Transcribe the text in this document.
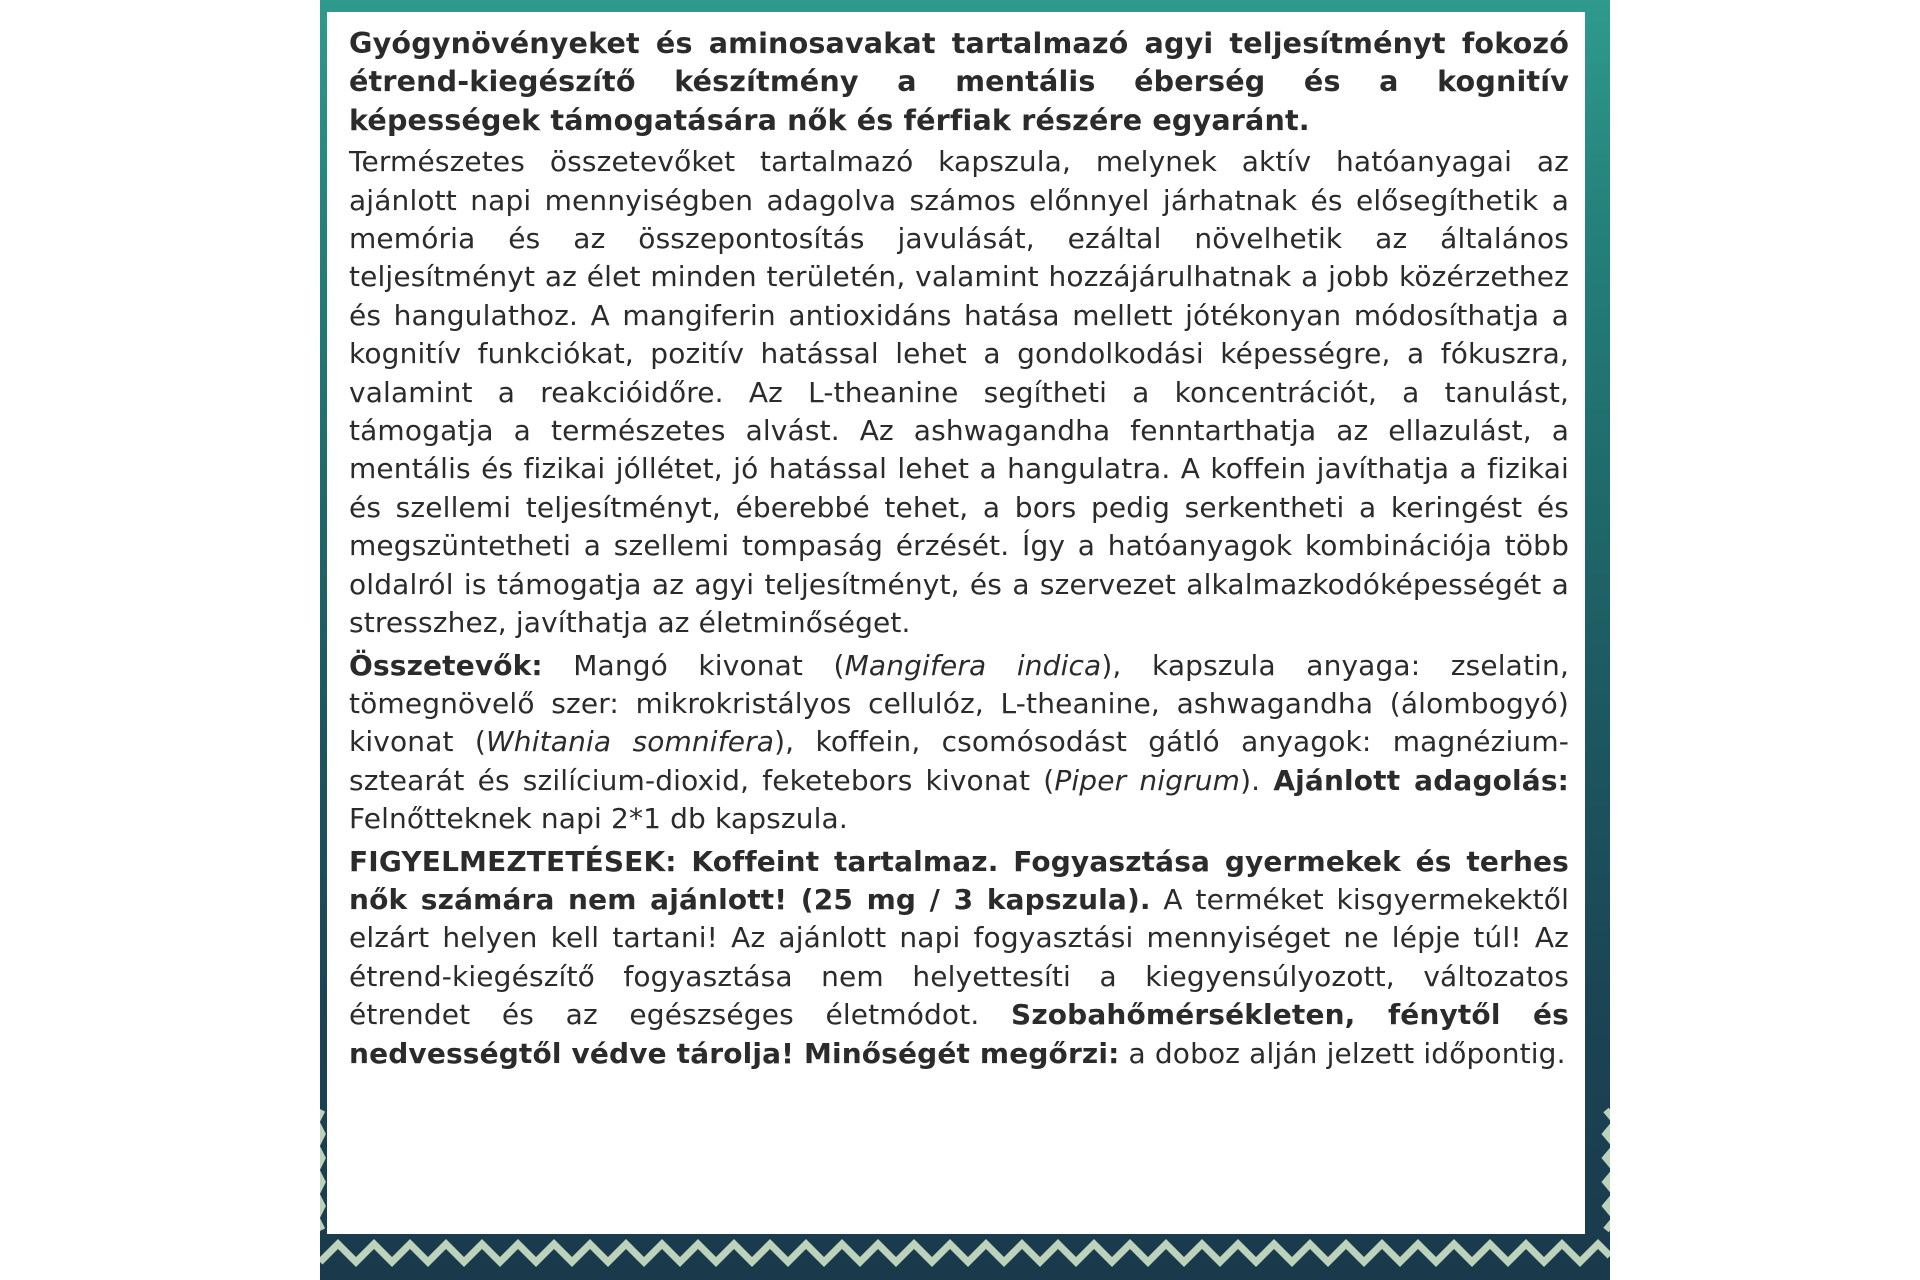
Gyógynövényeket és aminosavakat tartalmazó agyi teljesítményt fokozó étrend-kiegészítő készítmény a mentális éberség és a kognitív képességek támogatására nők és férfiak részére egyaránt.

Természetes összetevőket tartalmazó kapszula, melynek aktív hatóanyagai az ajánlott napi mennyiségben adagolva számos előnnyel járhatnak és elősegíthetik a memória és az összepontosítás javulását, ezáltal növelhetik az általános teljesítményt az élet minden területén, valamint hozzájárulhatnak a jobb közérzethez és hangulathoz. A mangiferin antioxidáns hatása mellett jótékonyan módosíthatja a kognitív funkciókat, pozitív hatással lehet a gondolkodási képességre, a fókuszra, valamint a reakcióidőre. Az L-theanine segítheti a koncentrációt, a tanulást, támogatja a természetes alvást. Az ashwagandha fenntarthatja az ellazulást, a mentális és fizikai jóllétet, jó hatással lehet a hangulatra. A koffein javíthatja a fizikai és szellemi teljesítményt, éberebbé tehet, a bors pedig serkentheti a keringést és megszüntetheti a szellemi tompaság érzését. Így a hatóanyagok kombinációja több oldalról is támogatja az agyi teljesítményt, és a szervezet alkalmazkodóképességét a stresszhez, javíthatja az életminőséget.

Összetevők: Mangó kivonat (Mangifera indica), kapszula anyaga: zselatin, tömegnövelő szer: mikrokristályos cellulóz, L-theanine, ashwagandha (álombogyó) kivonat (Whitania somnifera), koffein, csomósodást gátló anyagok: magnézium-sztearát és szilícium-dioxid, feketebors kivonat (Piper nigrum). Ajánlott adagolás: Felnőtteknek napi 2*1 db kapszula.

FIGYELMEZTETÉSEK: Koffeint tartalmaz. Fogyasztása gyermekek és terhes nők számára nem ajánlott! (25 mg / 3 kapszula). A terméket kisgyermekektől elzárt helyen kell tartani! Az ajánlott napi fogyasztási mennyiséget ne lépje túl! Az étrend-kiegészítő fogyasztása nem helyettesíti a kiegyensúlyozott, változatos étrendet és az egészséges életmódot. Szobahőmérsékleten, fénytől és nedvességtől védve tárolja! Minőségét megőrzi: a doboz alján jelzett időpontig.
